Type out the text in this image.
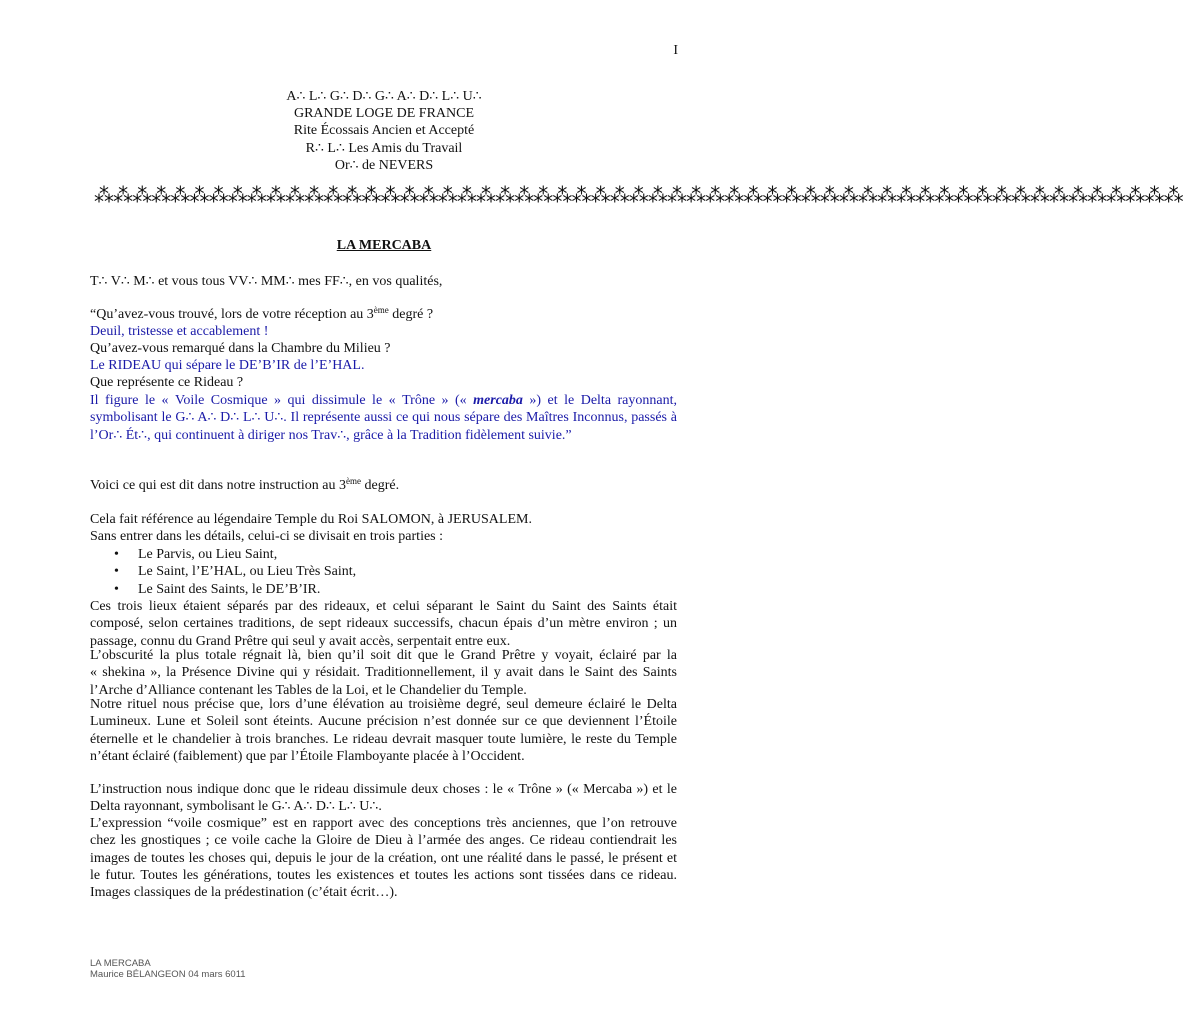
I
A∴ L∴ G∴ D∴ G∴ A∴ D∴ L∴ U∴
GRANDE LOGE DE FRANCE
Rite Écossais Ancien et Accepté
R∴ L∴ Les Amis du Travail
Or∴ de NEVERS
⁂⁂⁂⁂⁂⁂⁂⁂⁂⁂⁂⁂⁂⁂⁂⁂⁂⁂⁂⁂⁂⁂⁂⁂⁂⁂⁂⁂⁂⁂⁂⁂⁂⁂⁂⁂⁂⁂⁂⁂⁂⁂⁂⁂⁂⁂⁂⁂⁂⁂⁂⁂⁂⁂⁂⁂⁂
LA MERCABA
T∴ V∴ M∴ et vous tous VV∴ MM∴ mes FF∴, en vos qualités,
“Qu’avez-vous trouvé, lors de votre réception au 3ème degré ?
Deuil, tristesse et accablement !
Qu’avez-vous remarqué dans la Chambre du Milieu ?
Le RIDEAU qui sépare le DE’B’IR de l’E’HAL.
Que représente ce Rideau ?
Il figure le « Voile Cosmique » qui dissimule le « Trône » (« mercaba ») et le Delta rayonnant, symbolisant le G∴ A∴ D∴ L∴ U∴. Il représente aussi ce qui nous sépare des Maîtres Inconnus, passés à l’Or∴ Ét∴, qui continuent à diriger nos Trav∴, grâce à la Tradition fidèlement suivie.”
Voici ce qui est dit dans notre instruction au 3ème degré.
Cela fait référence au légendaire Temple du Roi SALOMON, à JERUSALEM.
Sans entrer dans les détails, celui-ci se divisait en trois parties :
• Le Parvis, ou Lieu Saint,
• Le Saint, l’E’HAL, ou Lieu Très Saint,
• Le Saint des Saints, le DE’B’IR.
Ces trois lieux étaient séparés par des rideaux, et celui séparant le Saint du Saint des Saints était composé, selon certaines traditions, de sept rideaux successifs, chacun épais d’un mètre environ ; un passage, connu du Grand Prêtre qui seul y avait accès, serpentait entre eux.
L’obscurité la plus totale régnait là, bien qu’il soit dit que le Grand Prêtre y voyait, éclairé par la « shekina », la Présence Divine qui y résidait. Traditionnellement, il y avait dans le Saint des Saints l’Arche d’Alliance contenant les Tables de la Loi, et le Chandelier du Temple.
Notre rituel nous précise que, lors d’une élévation au troisième degré, seul demeure éclairé le Delta Lumineux. Lune et Soleil sont éteints. Aucune précision n’est donnée sur ce que deviennent l’Étoile éternelle et le chandelier à trois branches. Le rideau devrait masquer toute lumière, le reste du Temple n’étant éclairé (faiblement) que par l’Étoile Flamboyante placée à l’Occident.
L’instruction nous indique donc que le rideau dissimule deux choses : le « Trône » (« Mercaba ») et le Delta rayonnant, symbolisant le G∴ A∴ D∴ L∴ U∴.
L’expression “voile cosmique” est en rapport avec des conceptions très anciennes, que l’on retrouve chez les gnostiques ; ce voile cache la Gloire de Dieu à l’armée des anges. Ce rideau contiendrait les images de toutes les choses qui, depuis le jour de la création, ont une réalité dans le passé, le présent et le futur. Toutes les générations, toutes les existences et toutes les actions sont tissées dans ce rideau. Images classiques de la prédestination (c’était écrit…).
LA MERCABA
Maurice BÉLANGEON 04 mars 6011
